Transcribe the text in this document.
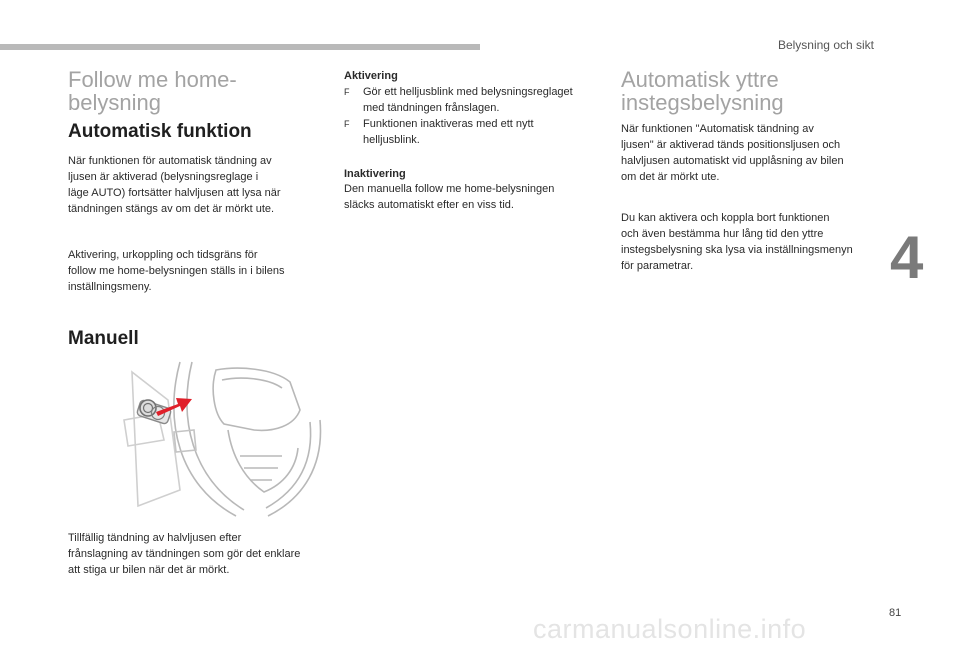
Belysning och sikt
4
Follow me home-
belysning
Automatisk funktion
När funktionen för automatisk tändning av
ljusen är aktiverad (belysningsreglage i
läge AUTO) fortsätter halvljusen att lysa när
tändningen stängs av om det är mörkt ute.
Aktivering, urkoppling och tidsgräns för
follow me home-belysningen ställs in i bilens
inställningsmeny.
Manuell
Tillfällig tändning av halvljusen efter
frånslagning av tändningen som gör det enklare
att stiga ur bilen när det är mörkt.
Aktivering
F Gör ett helljusblink med belysningsreglaget
med tändningen frånslagen.
F Funktionen inaktiveras med ett nytt
helljusblink.
Inaktivering
Den manuella follow me home-belysningen
släcks automatiskt efter en viss tid.
Automatisk yttre
instegsbelysning
När funktionen "Automatisk tändning av
ljusen" är aktiverad tänds positionsljusen och
halvljusen automatiskt vid upplåsning av bilen
om det är mörkt ute.
Du kan aktivera och koppla bort funktionen
och även bestämma hur lång tid den yttre
instegsbelysning ska lysa via inställningsmenyn
för parametrar.
81
carmanualsonline.info
